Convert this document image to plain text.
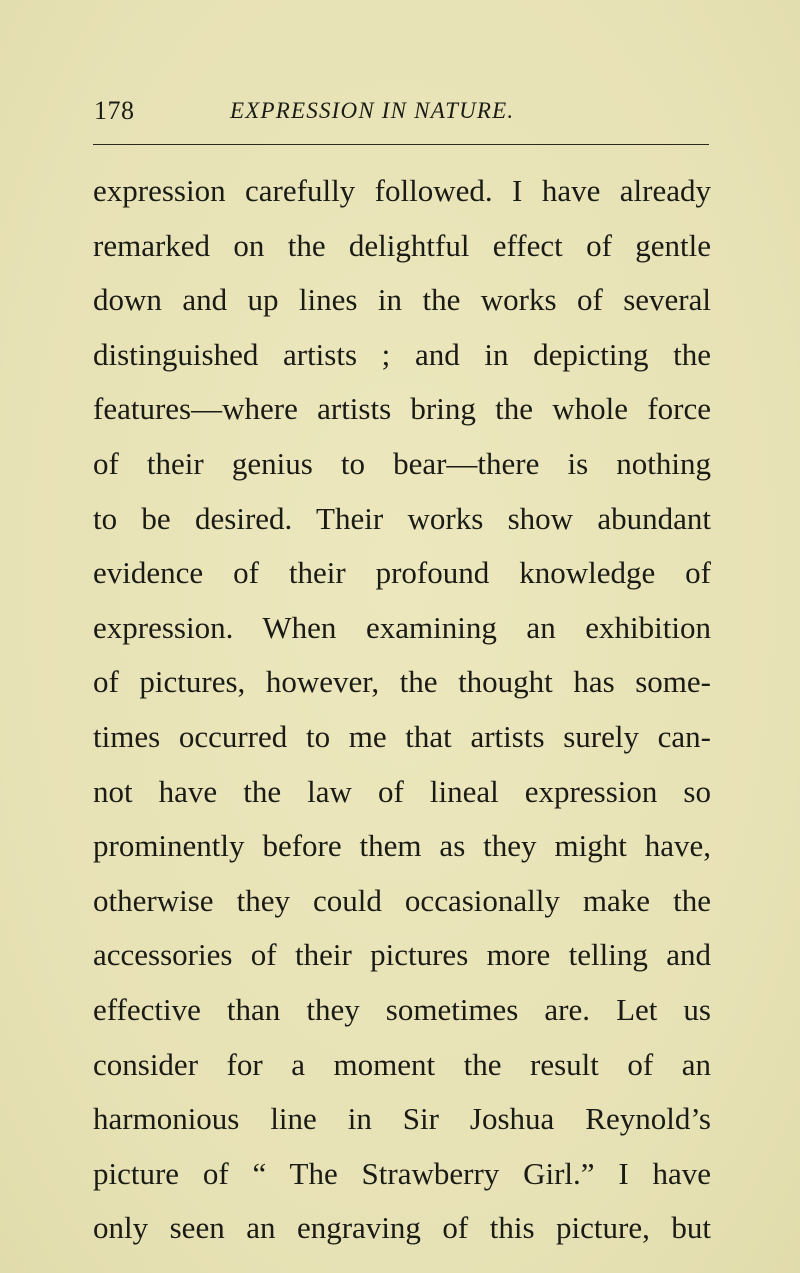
178	EXPRESSION IN NATURE.
expression carefully followed. I have already
remarked on the delightful effect of gentle
down and up lines in the works of several
distinguished artists ; and in depicting the
features—where artists bring the whole force
of their genius to bear—there is nothing
to be desired. Their works show abundant
evidence of their profound knowledge of
expression. When examining an exhibition
of pictures, however, the thought has some-
times occurred to me that artists surely can-
not have the law of lineal expression so
prominently before them as they might have,
otherwise they could occasionally make the
accessories of their pictures more telling and
effective than they sometimes are. Let us
consider for a moment the result of an
harmonious line in Sir Joshua Reynold’s
picture of “ The Strawberry Girl.” I have
only seen an engraving of this picture, but
